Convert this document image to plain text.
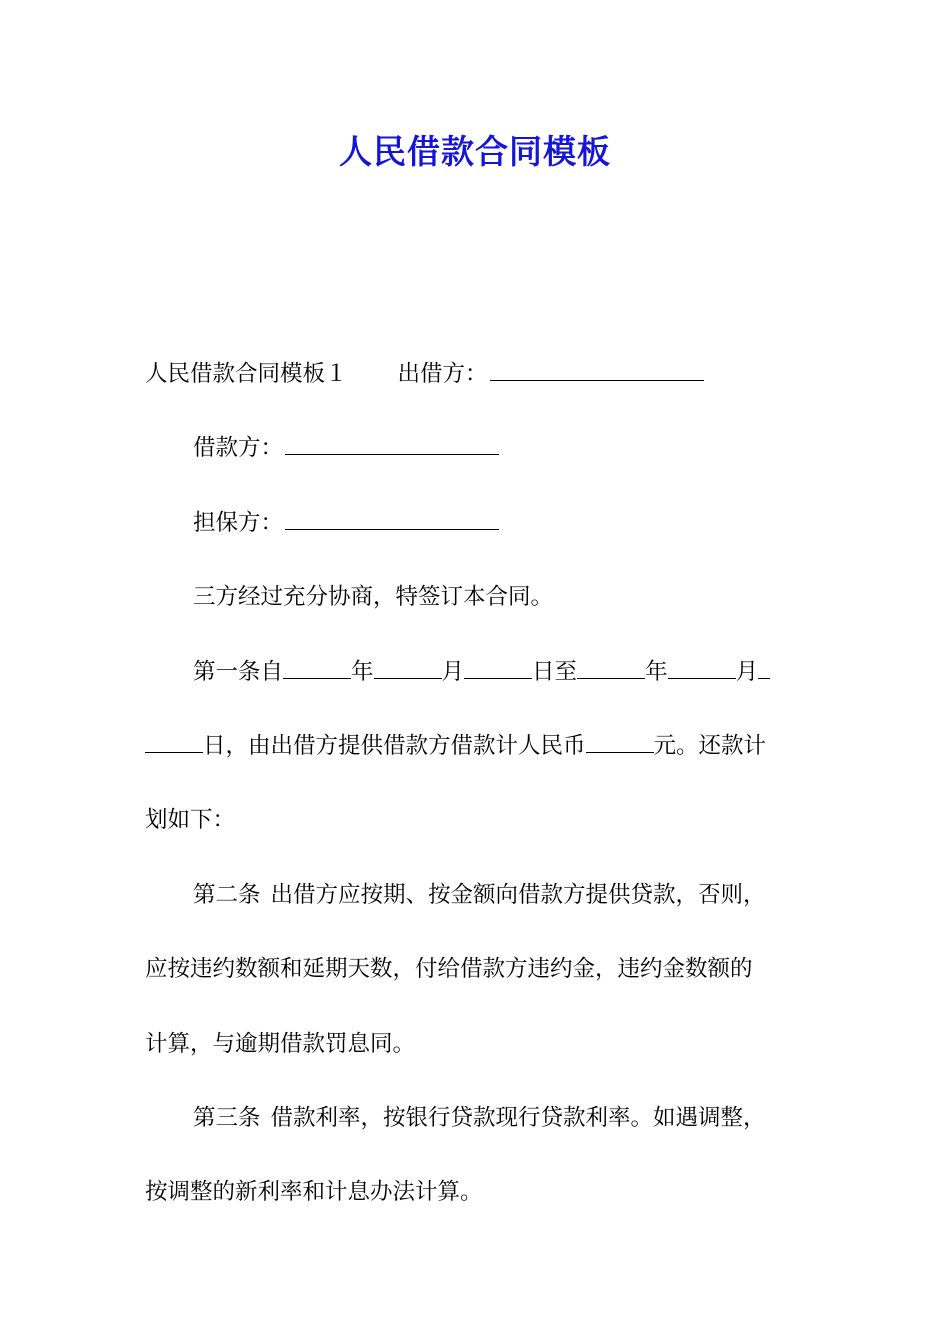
人民借款合同模板
人民借款合同模板１ 出借方：
借款方：
担保方：
三方经过充分协商，特签订本合同。
第一条自	年	月	日至	年	月
日，由出借方提供借款方借款计人民币	元。还款计
划如下：
第二条 出借方应按期、按金额向借款方提供贷款，否则，
应按违约数额和延期天数，付给借款方违约金，违约金数额的
计算，与逾期借款罚息同。
第三条 借款利率，按银行贷款现行贷款利率。如遇调整，
按调整的新利率和计息办法计算。
